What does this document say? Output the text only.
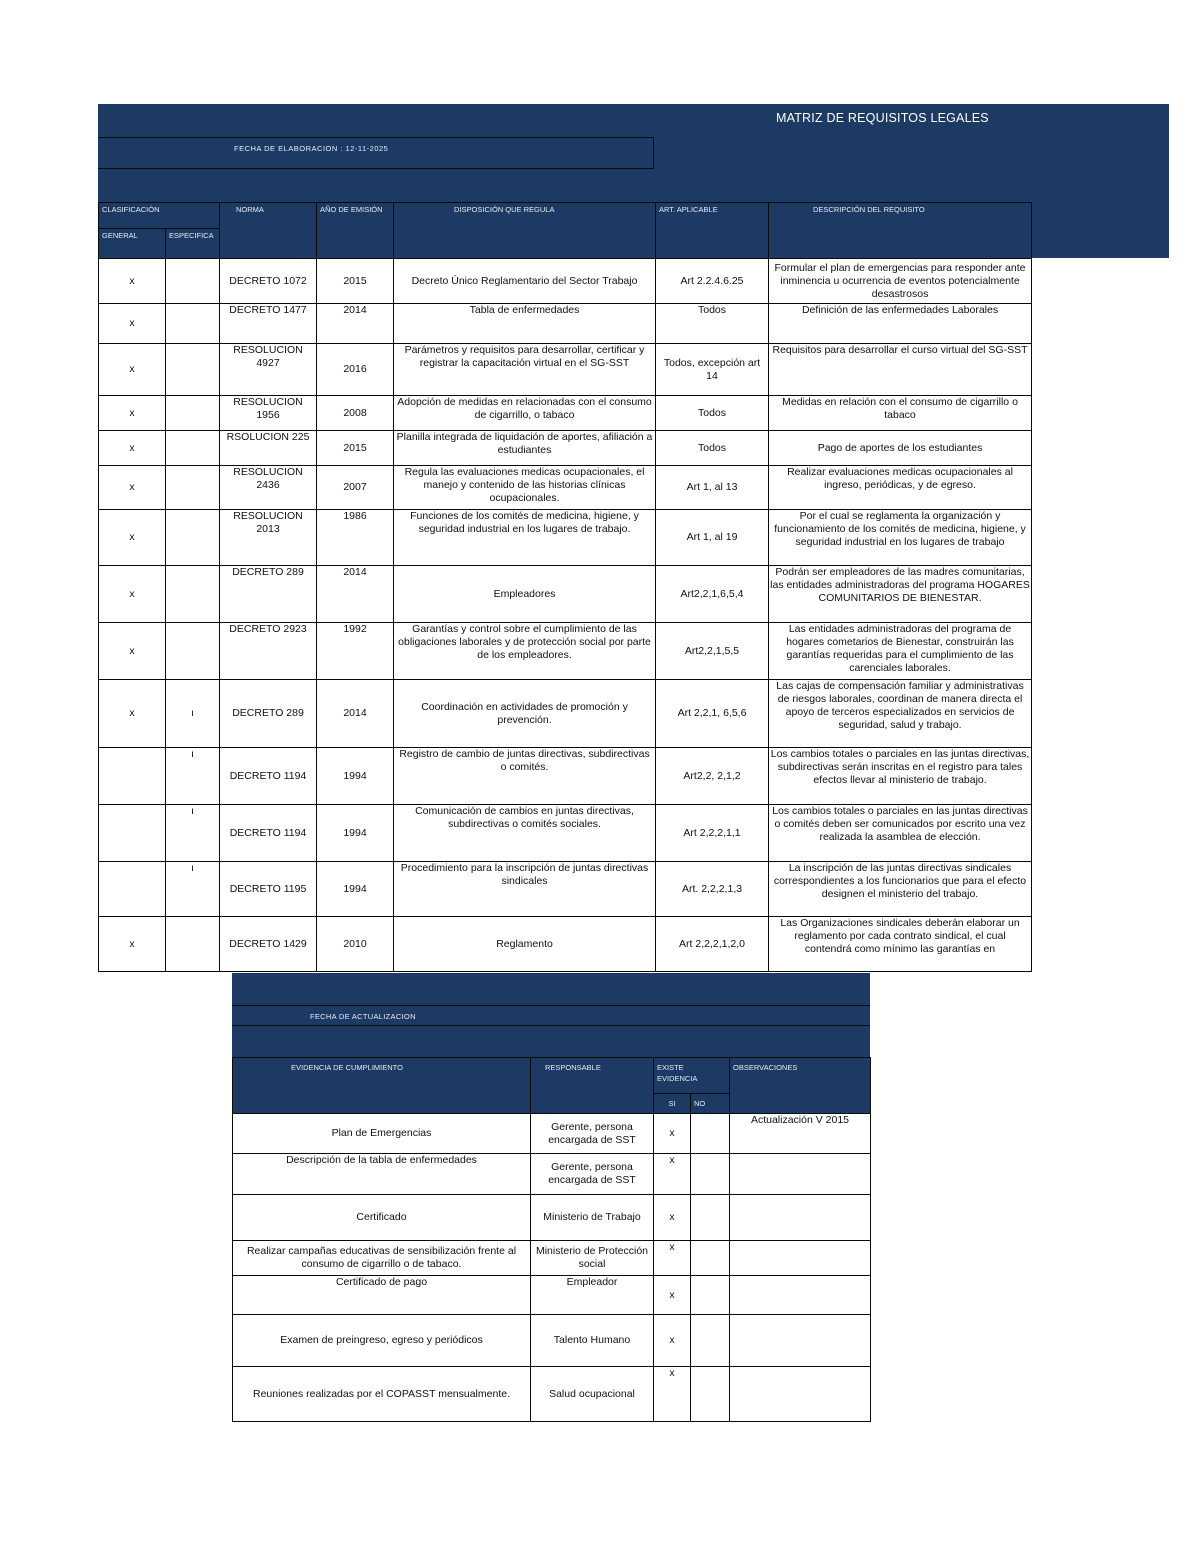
MATRIZ DE REQUISITOS LEGALES
FECHA DE ELABORACION : 12-11-2025
CLASIFICACIÓN		NORMA	AÑO DE EMISIÓN	DISPOSICIÓN QUE REGULA	ART. APLICABLE	DESCRIPCIÓN DEL REQUISITO
GENERAL	ESPECIFICA					
x		DECRETO 1072	2015	Decreto Único Reglamentario del Sector Trabajo	Art 2.2.4.6.25	Formular el plan de emergencias para responder ante inminencia u ocurrencia de eventos potencialmente desastrosos
x		DECRETO 1477	2014	Tabla de enfermedades	Todos	Definición de las enfermedades Laborales
x		RESOLUCION 4927	2016	Parámetros y requisitos para desarrollar, certificar y registrar la capacitación virtual en el SG-SST	Todos, excepción art 14	Requisitos para desarrollar el curso virtual del SG-SST
x		RESOLUCION 1956	2008	Adopción de medidas en relacionadas con el consumo de cigarrillo, o tabaco	Todos	Medidas en relación con el consumo de cigarrillo o tabaco
x		RSOLUCION 225	2015	Planilla integrada de liquidación de aportes, afiliación a estudiantes	Todos	Pago de aportes de los estudiantes
x		RESOLUCION 2436	2007	Regula las evaluaciones medicas ocupacionales, el manejo y contenido de las historias clínicas ocupacionales.	Art 1, al 13	Realizar evaluaciones medicas ocupacionales al ingreso, periódicas, y de egreso.
x		RESOLUCION 2013	1986	Funciones de los comités de medicina, higiene, y seguridad industrial en los lugares de trabajo.	Art 1, al 19	Por el cual se reglamenta la organización y funcionamiento de los comités de medicina, higiene, y seguridad industrial en los lugares de trabajo
x		DECRETO 289	2014	Empleadores	Art2,2,1,6,5,4	Podrán ser empleadores de las madres comunitarias, las entidades administradoras del programa HOGARES COMUNITARIOS DE BIENESTAR.
x		DECRETO 2923	1992	Garantías y control sobre el cumplimiento de las obligaciones laborales y de protección social por parte de los empleadores.	Art2,2,1,5,5	Las entidades administradoras del programa de hogares cometarios de Bienestar, construirán las garantías requeridas para el cumplimiento de las carenciales laborales.
x	ı	DECRETO 289	2014	Coordinación en actividades de promoción y prevención.	Art 2,2,1, 6,5,6	Las cajas de compensación familiar y administrativas de riesgos laborales, coordinan de manera directa el apoyo de terceros especializados en servicios de seguridad, salud y trabajo.
	ı	DECRETO 1194	1994	Registro de cambio de juntas directivas, subdirectivas o comités.	Art2,2, 2,1,2	Los cambios totales o parciales en las juntas directivas, subdirectivas serán inscritas en el registro para tales efectos llevar al ministerio de trabajo.
	ı	DECRETO 1194	1994	Comunicación de cambios en juntas directivas, subdirectivas o comités sociales.	Art 2,2,2,1,1	Los cambios totales o parciales en las juntas directivas o comités deben ser comunicados por escrito una vez realizada la asamblea de elección.
	ı	DECRETO 1195	1994	Procedimiento para la inscripción de juntas directivas sindicales	Art. 2,2,2,1,3	La inscripción de las juntas directivas sindicales correspondientes a los funcionarios que para el efecto designen el ministerio del trabajo.
x		DECRETO 1429	2010	Reglamento	Art 2,2,2,1,2,0	Las Organizaciones sindicales deberán elaborar un reglamento por cada contrato sindical, el cual contendrá como mínimo las garantías en
FECHA DE ACTUALIZACION
EVIDENCIA DE CUMPLIMIENTO	RESPONSABLE	EXISTE EVIDENCIA		OBSERVACIONES
		SI	NO	
Plan de Emergencias	Gerente, persona encargada de SST	x		Actualización V 2015
Descripción de la tabla de enfermedades	Gerente, persona encargada de SST	x		
Certificado	Ministerio de Trabajo	x		
Realizar campañas educativas de sensibilización frente al consumo de cigarrillo o de tabaco.	Ministerio de Protección social	x		
Certificado de pago	Empleador	x		
Examen de preingreso, egreso y periódicos	Talento Humano	x		
Reuniones realizadas por el COPASST mensualmente.	Salud ocupacional	x		
